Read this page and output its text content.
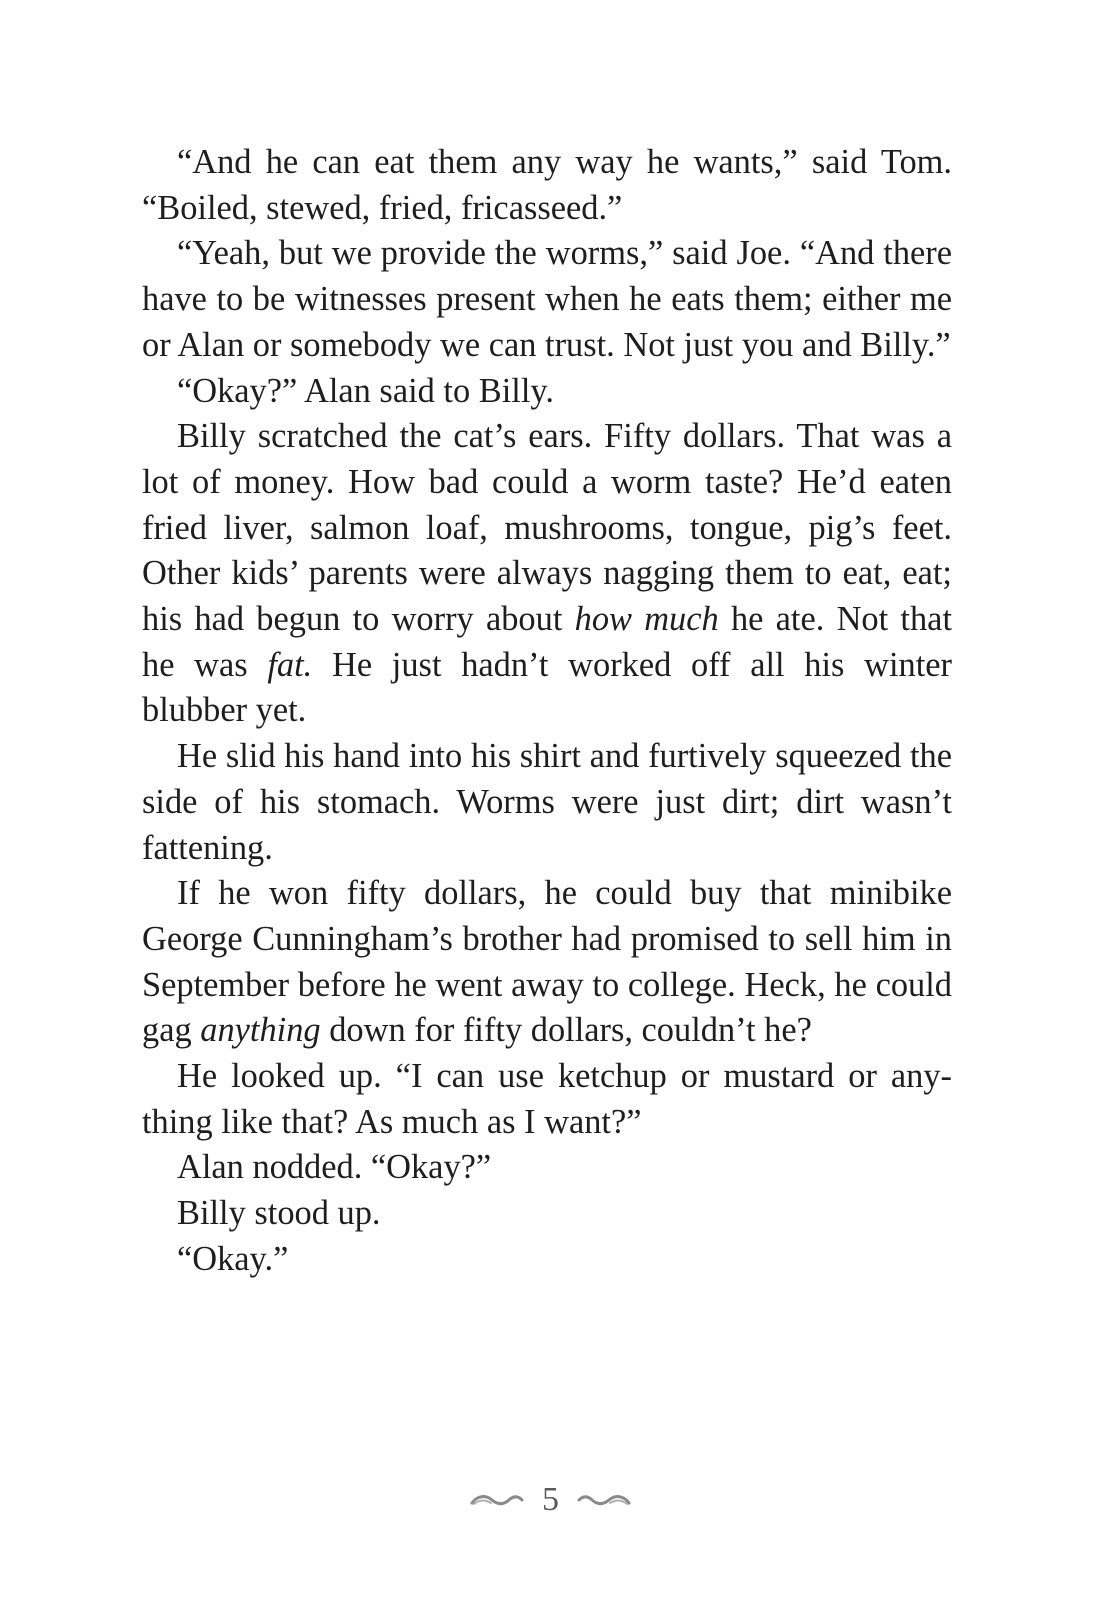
“And he can eat them any way he wants,” said Tom. “Boiled, stewed, fried, fricasseed.”

“Yeah, but we provide the worms,” said Joe. “And there have to be witnesses present when he eats them; either me or Alan or somebody we can trust. Not just you and Billy.”

“Okay?” Alan said to Billy.

Billy scratched the cat’s ears. Fifty dollars. That was a lot of money. How bad could a worm taste? He’d eaten fried liver, salmon loaf, mushrooms, tongue, pig’s feet. Other kids’ parents were always nagging them to eat, eat; his had begun to worry about how much he ate. Not that he was fat. He just hadn’t worked off all his winter blubber yet.

He slid his hand into his shirt and furtively squeezed the side of his stomach. Worms were just dirt; dirt wasn’t fattening.

If he won fifty dollars, he could buy that minibike George Cunningham’s brother had promised to sell him in September before he went away to college. Heck, he could gag anything down for fifty dollars, couldn’t he?

He looked up. “I can use ketchup or mustard or anything like that? As much as I want?”

Alan nodded. “Okay?”

Billy stood up.

“Okay.”

5
